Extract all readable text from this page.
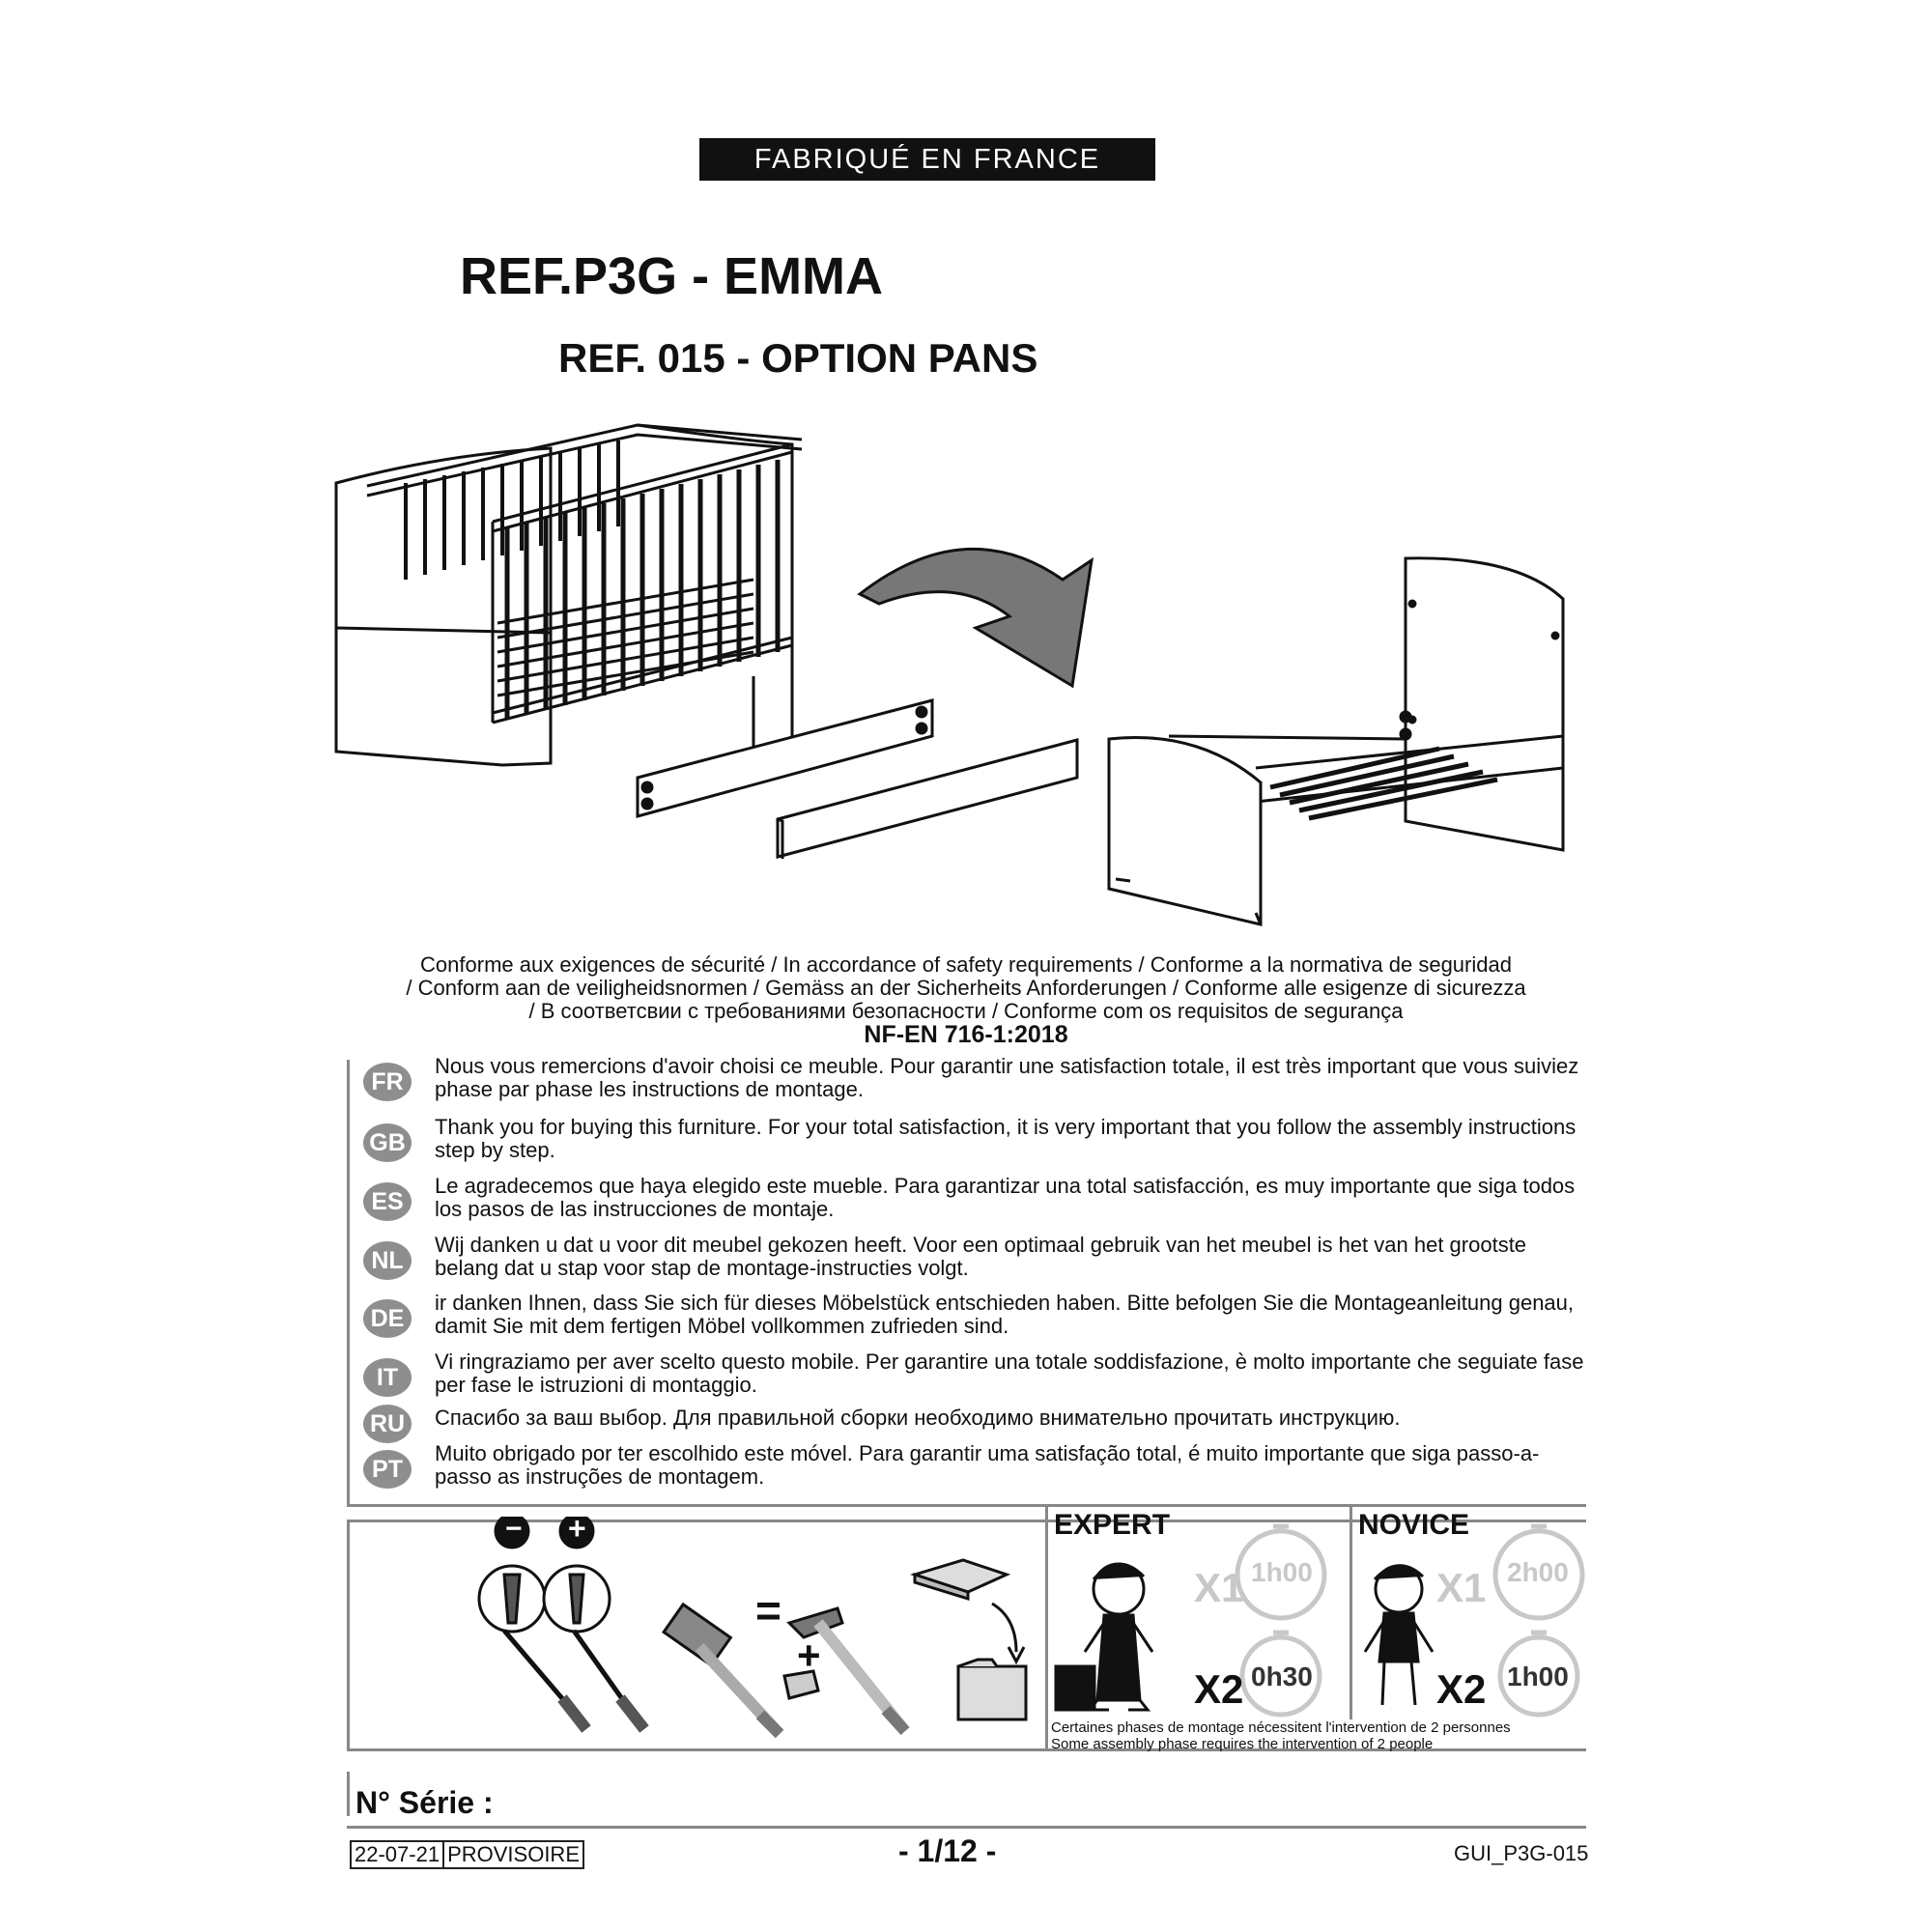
FABRIQUÉ EN FRANCE
REF.P3G - EMMA
REF. 015 - OPTION PANS
Conforme aux exigences de sécurité / In accordance of safety requirements / Conforme a la normativa de seguridad
/ Conform aan de veiligheidsnormen / Gemäss an der Sicherheits Anforderungen / Conforme alle esigenze di sicurezza
/ В соответсвии с требованиями безопасности / Conforme com os requisitos de segurança
NF-EN 716-1:2018
FR
Nous vous remercions d'avoir choisi ce meuble. Pour garantir une satisfaction totale, il est très important que vous suiviez phase par phase les instructions de montage.
GB
Thank you for buying this furniture. For your total satisfaction, it is very important that you follow the assembly instructions step by step.
ES
Le agradecemos que haya elegido este mueble. Para garantizar una total satisfacción, es muy importante que siga todos los pasos de las instrucciones de montaje.
NL
Wij danken u dat u voor dit meubel gekozen heeft. Voor een optimaal gebruik van het meubel is het van het grootste belang dat u stap voor stap de montage-instructies volgt.
DE
ir danken Ihnen, dass Sie sich für dieses Möbelstück entschieden haben. Bitte befolgen Sie die Montageanleitung genau, damit Sie mit dem fertigen Möbel vollkommen zufrieden sind.
IT
Vi ringraziamo per aver scelto questo mobile. Per garantire una totale soddisfazione, è molto importante che seguiate fase per fase le istruzioni di montaggio.
RU	Спасибо за ваш выбор. Для правильной сборки необходимо внимательно прочитать инструкцию.
PT
Muito obrigado por ter escolhido este móvel. Para garantir uma satisfação total, é muito importante que siga passo-a-passo as instruções de montagem.
− +
=
+
EXPERT
X1
X2
1h00
0h30
NOVICE
X1
X2
2h00
1h00
Certaines phases de montage nécessitent l'intervention de 2 personnes
Some assembly phase requires the intervention of 2 people
N° Série :
22-07-21 PROVISOIRE	- 1/12 -	GUI_P3G-015
